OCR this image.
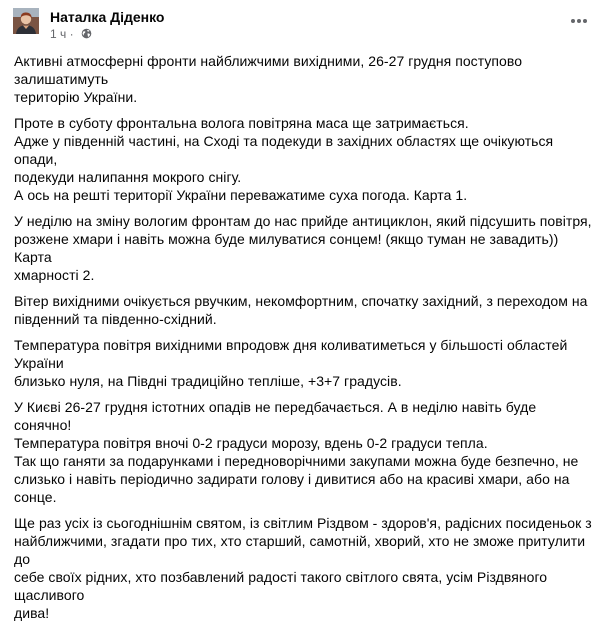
Наталка Діденко
1 ч ·

Активні атмосферні фронти найближчими вихідними, 26-27 грудня поступово залишатимуть
територію України.

Проте в суботу фронтальна волога повітряна маса ще затримається.
Адже у південній частині, на Сході та подекуди в західних областях ще очікуються опади,
подекуди налипання мокрого снігу.
А ось на решті території України переважатиме суха погода. Карта 1.

У неділю на зміну вологим фронтам до нас прийде антициклон, який підсушить повітря,
розжене хмари і навіть можна буде милуватися сонцем! (якщо туман не завадить)) Карта
хмарності 2.

Вітер вихідними очікується рвучким, некомфортним, спочатку західний, з переходом на
південний та південно-східний.

Температура повітря вихідними впродовж дня коливатиметься у більшості областей України
близько нуля, на Півдні традиційно тепліше, +3+7 градусів.

У Києві 26-27 грудня істотних опадів не передбачається. А в неділю навіть буде сонячно!
Температура повітря вночі 0-2 градуси морозу, вдень 0-2 градуси тепла.
Так що ганяти за подарунками і передноворічними закупами можна буде безпечно, не
слизько і навіть періодично задирати голову і дивитися або на красиві хмари, або на сонце.

Ще раз усіх із сьогоднішнім святом, із світлим Різдвом - здоров'я, радісних посиденьок з
найближчими, згадати про тих, хто старший, самотній, хворий, хто не зможе притулити до
себе своїх рідних, хто позбавлений радості такого світлого свята, усім Різдвяного щасливого
дива!
